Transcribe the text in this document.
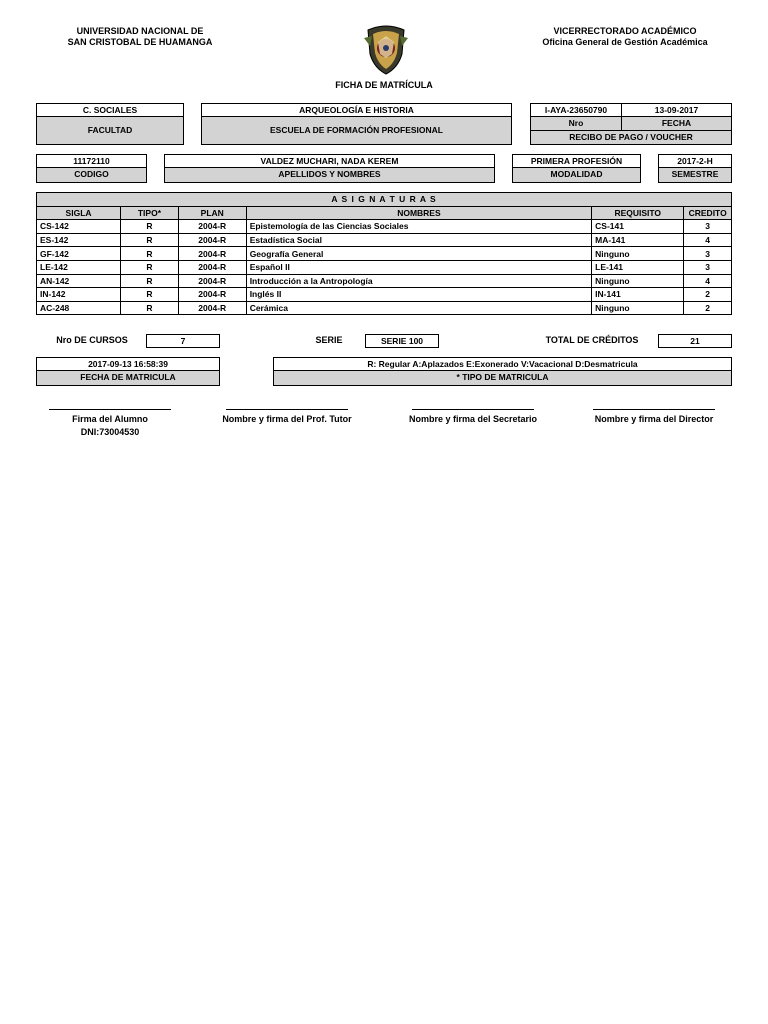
UNIVERSIDAD NACIONAL DE
SAN CRISTOBAL DE HUAMANGA
VICERRECTORADO ACADÉMICO
Oficina General de Gestión Académica
FICHA DE MATRÍCULA
C. SOCIALES
FACULTAD
ARQUEOLOGÍA E HISTORIA
ESCUELA DE FORMACIÓN PROFESIONAL
I-AYA-23650790	13-09-2017
Nro	FECHA
RECIBO DE PAGO / VOUCHER
11172110
CODIGO
VALDEZ MUCHARI, NADA KEREM
APELLIDOS Y NOMBRES
PRIMERA PROFESIÓN
MODALIDAD
2017-2-H
SEMESTRE
A S I G N A T U R A S					
SIGLA	TIPO*	PLAN	NOMBRES	REQUISITO	CREDITO
CS-142	R	2004-R	Epistemología de las Ciencias Sociales	CS-141	3
ES-142	R	2004-R	Estadística Social	MA-141	4
GF-142	R	2004-R	Geografía General	Ninguno	3
LE-142	R	2004-R	Español II	LE-141	3
AN-142	R	2004-R	Introducción a la Antropología	Ninguno	4
IN-142	R	2004-R	Inglés II	IN-141	2
AC-248	R	2004-R	Cerámica	Ninguno	2
Nro DE CURSOS	7	SERIE	SERIE 100	TOTAL DE CRÉDITOS	21
2017-09-13 16:58:39
FECHA DE MATRICULA
R: Regular A:Aplazados E:Exonerado V:Vacacional D:Desmatricula
* TIPO DE MATRICULA
Firma del Alumno
DNI:73004530
Nombre y firma del Prof. Tutor	Nombre y firma del Secretario	Nombre y firma del Director
